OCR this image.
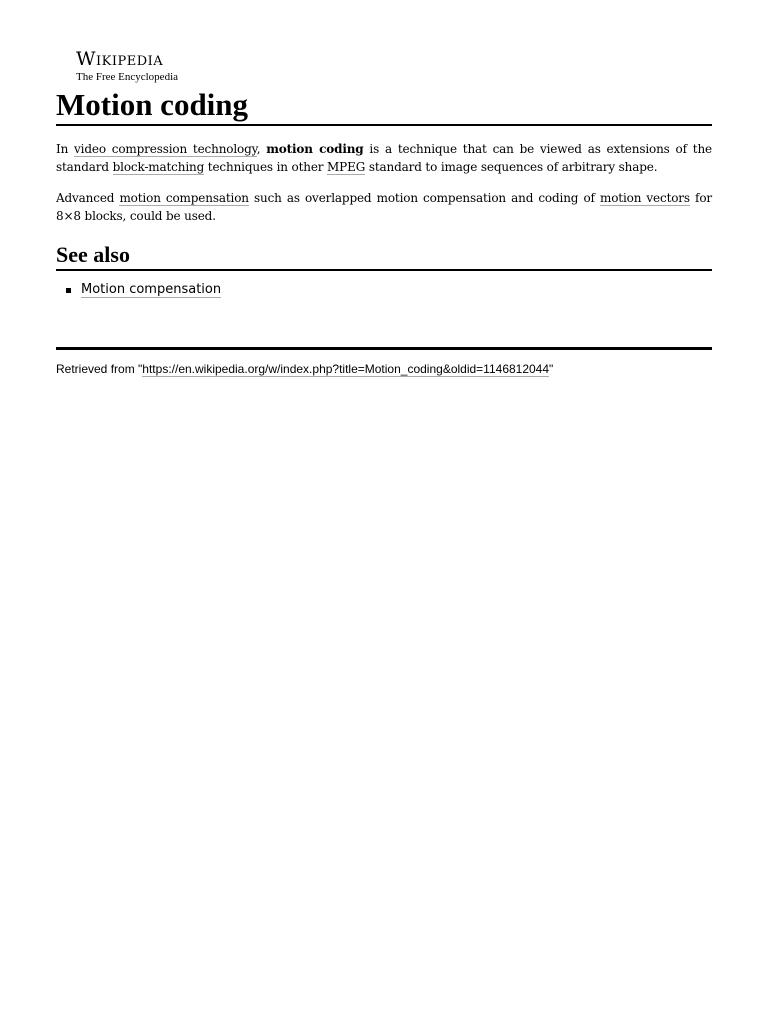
Wikipedia
The Free Encyclopedia
Motion coding

In video compression technology, motion coding is a technique that can be viewed as extensions of the standard block-matching techniques in other MPEG standard to image sequences of arbitrary shape.

Advanced motion compensation such as overlapped motion compensation and coding of motion vectors for 8×8 blocks, could be used.

See also
Motion compensation
Retrieved from "https://en.wikipedia.org/w/index.php?title=Motion_coding&oldid=1146812044"
